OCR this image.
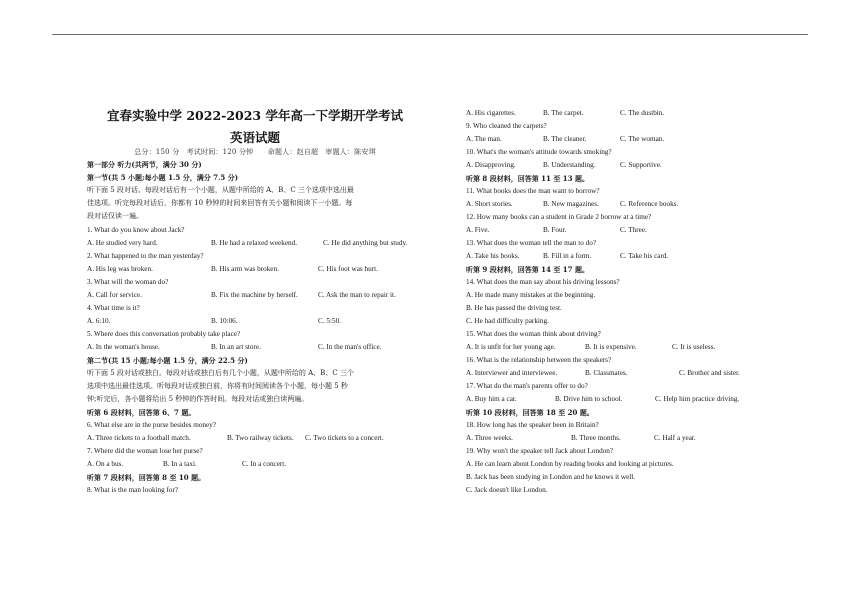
宜春实验中学 2022-2023 学年高一下学期开学考试
英语试题
总分：150 分　考试时间：120 分钟　　命题人：赵自超　审题人：陈安琪
第一部分 听力(共两节，满分 30 分)
第一节(共 5 小题;每小题 1.5 分，满分 7.5 分)
听下面 5 段对话。每段对话后有一个小题，从题中所给的 A、B、C 三个选项中选出最
佳选项。听完每段对话后，你都有 10 秒钟的时间来回答有关小题和阅读下一小题。每
段对话仅读一遍。
1. What do you know about Jack?
A. He studied very hard.	B. He had a relaxed weekend.	C. He did anything but study.
2. What happened to the man yesterday?
A. His leg was broken.	B. His arm was broken.	C. His foot was hurt.
3. What will the woman do?
A. Call for service.	B. Fix the machine by herself.	C. Ask the man to repair it.
4. What time is it?
A. 6:10.	B. 10:06.	C. 5:50.
5. Where does this conversation probably take place?
A. In the woman's house.	B. In an art store.	C. In the man's office.
第二节(共 15 小题;每小题 1.5 分，满分 22.5 分)
听下面 5 段对话或独白。每段对话或独白后有几个小题，从题中所给的 A、B、C 三个
选项中选出最佳选项。听每段对话或独白前，你将有时间阅读各个小题，每小题 5 秒
钟;听完后，各小题将给出 5 秒钟的作答时间。每段对话或独白读两遍。
听第 6 段材料，回答第 6、7 题。
6. What else are in the purse besides money?
A. Three tickets to a football match.	B. Two railway tickets. C. Two tickets to a concert.
7. Where did the woman lose her purse?
A. On a bus.	B. In a taxi.	C. In a concert.
听第 7 段材料，回答第 8 至 10 题。
8. What is the man looking for?
A. His cigarettes.	B. The carpet.	C. The dustbin.
9. Who cleaned the carpets?
A. The man.	B. The cleaner.	C. The woman.
10. What's the woman's attitude towards smoking?
A. Disapproving.	B. Understanding.	C. Supportive.
听第 8 段材料，回答第 11 至 13 题。
11. What books does the man want to borrow?
A. Short stories.	B. New magazines.	C. Reference books.
12. How many books can a student in Grade 2 borrow at a time?
A. Five.	B. Four.	C. Three.
13. What does the woman tell the man to do?
A. Take his books.	B. Fill in a form.	C. Take his card.
听第 9 段材料，回答第 14 至 17 题。
14. What does the man say about his driving lessons?
A. He made many mistakes at the beginning.
B. He has passed the driving test.
C. He had difficulty parking.
15. What does the woman think about driving?
A. It is unfit for her young age.	B. It is expensive.	C. It is useless.
16. What is the relationship between the speakers?
A. Interviewer and interviewee.	B. Classmates.	C. Brother and sister.
17. What do the man's parents offer to do?
A. Buy him a car.	B. Drive him to school.	C. Help him practice driving.
听第 10 段材料，回答第 18 至 20 题。
18. How long has the speaker been in Britain?
A. Three weeks.	B. Three months.	C. Half a year.
19. Why won't the speaker tell Jack about London?
A. He can learn about London by reading books and looking at pictures.
B. Jack has been studying in London and he knows it well.
C. Jack doesn't like London.
